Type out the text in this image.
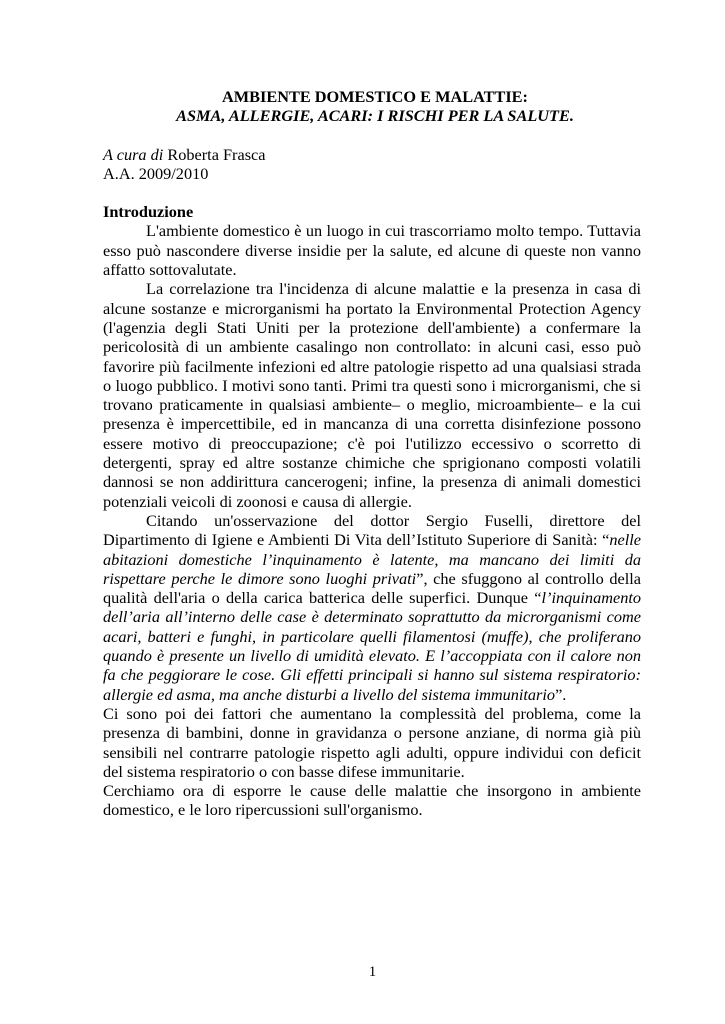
AMBIENTE DOMESTICO E MALATTIE:
ASMA, ALLERGIE, ACARI: I RISCHI PER LA SALUTE.
A cura di Roberta Frasca
A.A. 2009/2010
Introduzione

L'ambiente domestico è un luogo in cui trascorriamo molto tempo. Tuttavia esso può nascondere diverse insidie per la salute, ed alcune di queste non vanno affatto sottovalutate.

La correlazione tra l'incidenza di alcune malattie e la presenza in casa di alcune sostanze e microrganismi ha portato la Environmental Protection Agency (l'agenzia degli Stati Uniti per la protezione dell'ambiente) a confermare la pericolosità di un ambiente casalingo non controllato: in alcuni casi, esso può favorire più facilmente infezioni ed altre patologie rispetto ad una qualsiasi strada o luogo pubblico. I motivi sono tanti. Primi tra questi sono i microrganismi, che si trovano praticamente in qualsiasi ambiente– o meglio, microambiente– e la cui presenza è impercettibile, ed in mancanza di una corretta disinfezione possono essere motivo di preoccupazione; c'è poi l'utilizzo eccessivo o scorretto di detergenti, spray ed altre sostanze chimiche che sprigionano composti volatili dannosi se non addirittura cancerogeni; infine, la presenza di animali domestici potenziali veicoli di zoonosi e causa di allergie.

Citando un'osservazione del dottor Sergio Fuselli, direttore del Dipartimento di Igiene e Ambienti Di Vita dell’Istituto Superiore di Sanità: “nelle abitazioni domestiche l’inquinamento è latente, ma mancano dei limiti da rispettare perche le dimore sono luoghi privati”, che sfuggono al controllo della qualità dell'aria o della carica batterica delle superfici. Dunque “l’inquinamento dell’aria all’interno delle case è determinato soprattutto da microrganismi come acari, batteri e funghi, in particolare quelli filamentosi (muffe), che proliferano quando è presente un livello di umidità elevato. E l’accoppiata con il calore non fa che peggiorare le cose. Gli effetti principali si hanno sul sistema respiratorio: allergie ed asma, ma anche disturbi a livello del sistema immunitario”.

Ci sono poi dei fattori che aumentano la complessità del problema, come la presenza di bambini, donne in gravidanza o persone anziane, di norma già più sensibili nel contrarre patologie rispetto agli adulti, oppure individui con deficit del sistema respiratorio o con basse difese immunitarie.

Cerchiamo ora di esporre le cause delle malattie che insorgono in ambiente domestico, e le loro ripercussioni sull'organismo.

1
